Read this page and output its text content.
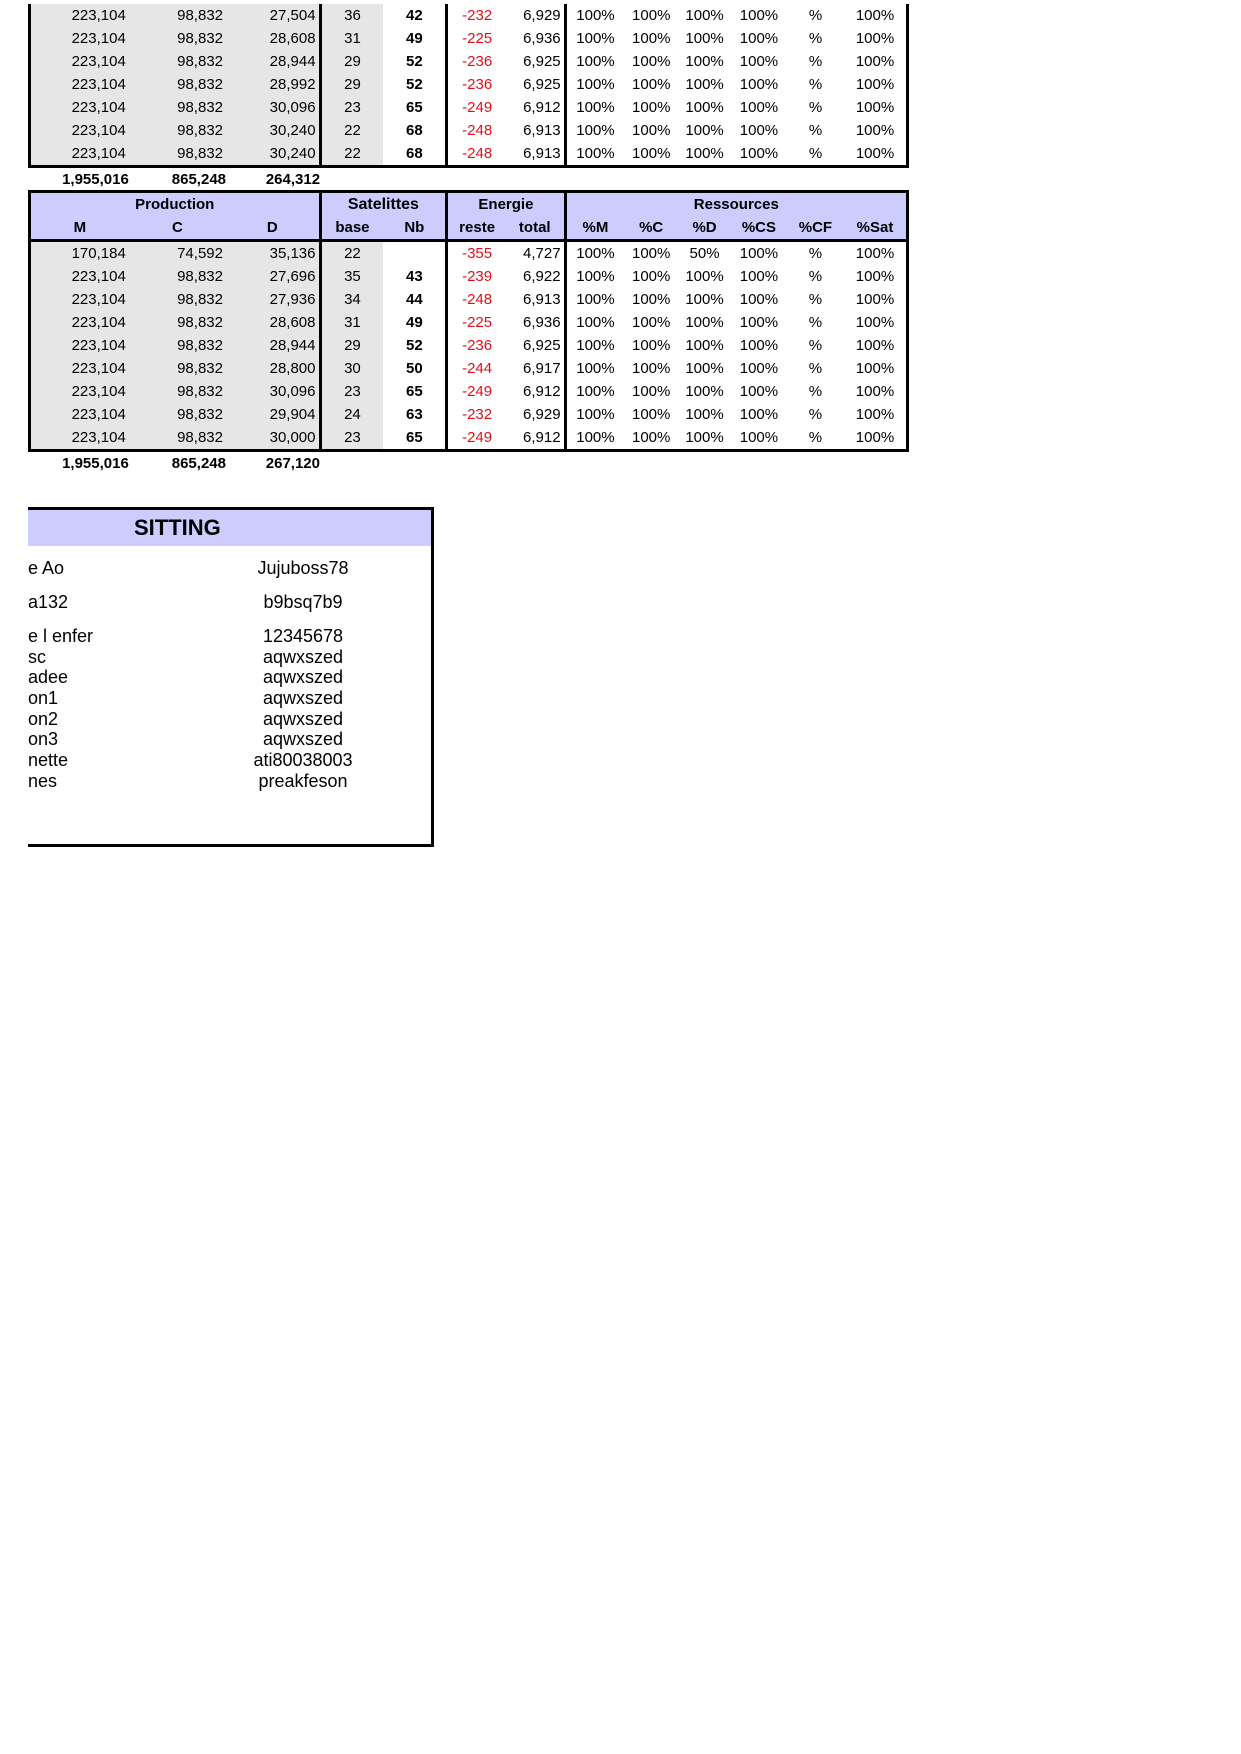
223,104	98,832	27,504	36	42	-232	6,929	100%	100%	100%	100%	%	100%
223,104	98,832	28,608	31	49	-225	6,936	100%	100%	100%	100%	%	100%
223,104	98,832	28,944	29	52	-236	6,925	100%	100%	100%	100%	%	100%
223,104	98,832	28,992	29	52	-236	6,925	100%	100%	100%	100%	%	100%
223,104	98,832	30,096	23	65	-249	6,912	100%	100%	100%	100%	%	100%
223,104	98,832	30,240	22	68	-248	6,913	100%	100%	100%	100%	%	100%
223,104	98,832	30,240	22	68	-248	6,913	100%	100%	100%	100%	%	100%
1,955,016	865,248	264,312										
Production			Satelittes		Energie		Ressources					
M	C	D	base	Nb	reste	total	%M	%C	%D	%CS	%CF	%Sat
170,184	74,592	35,136	22		-355	4,727	100%	100%	50%	100%	%	100%
223,104	98,832	27,696	35	43	-239	6,922	100%	100%	100%	100%	%	100%
223,104	98,832	27,936	34	44	-248	6,913	100%	100%	100%	100%	%	100%
223,104	98,832	28,608	31	49	-225	6,936	100%	100%	100%	100%	%	100%
223,104	98,832	28,944	29	52	-236	6,925	100%	100%	100%	100%	%	100%
223,104	98,832	28,800	30	50	-244	6,917	100%	100%	100%	100%	%	100%
223,104	98,832	30,096	23	65	-249	6,912	100%	100%	100%	100%	%	100%
223,104	98,832	29,904	24	63	-232	6,929	100%	100%	100%	100%	%	100%
223,104	98,832	30,000	23	65	-249	6,912	100%	100%	100%	100%	%	100%
1,955,016	865,248	267,120										
SITTING
e Ao	Jujuboss78
a132	b9bsq7b9
e l enfer	12345678
sc	aqwxszed
adee	aqwxszed
on1	aqwxszed
on2	aqwxszed
on3	aqwxszed
nette	ati80038003
nes	preakfeson
